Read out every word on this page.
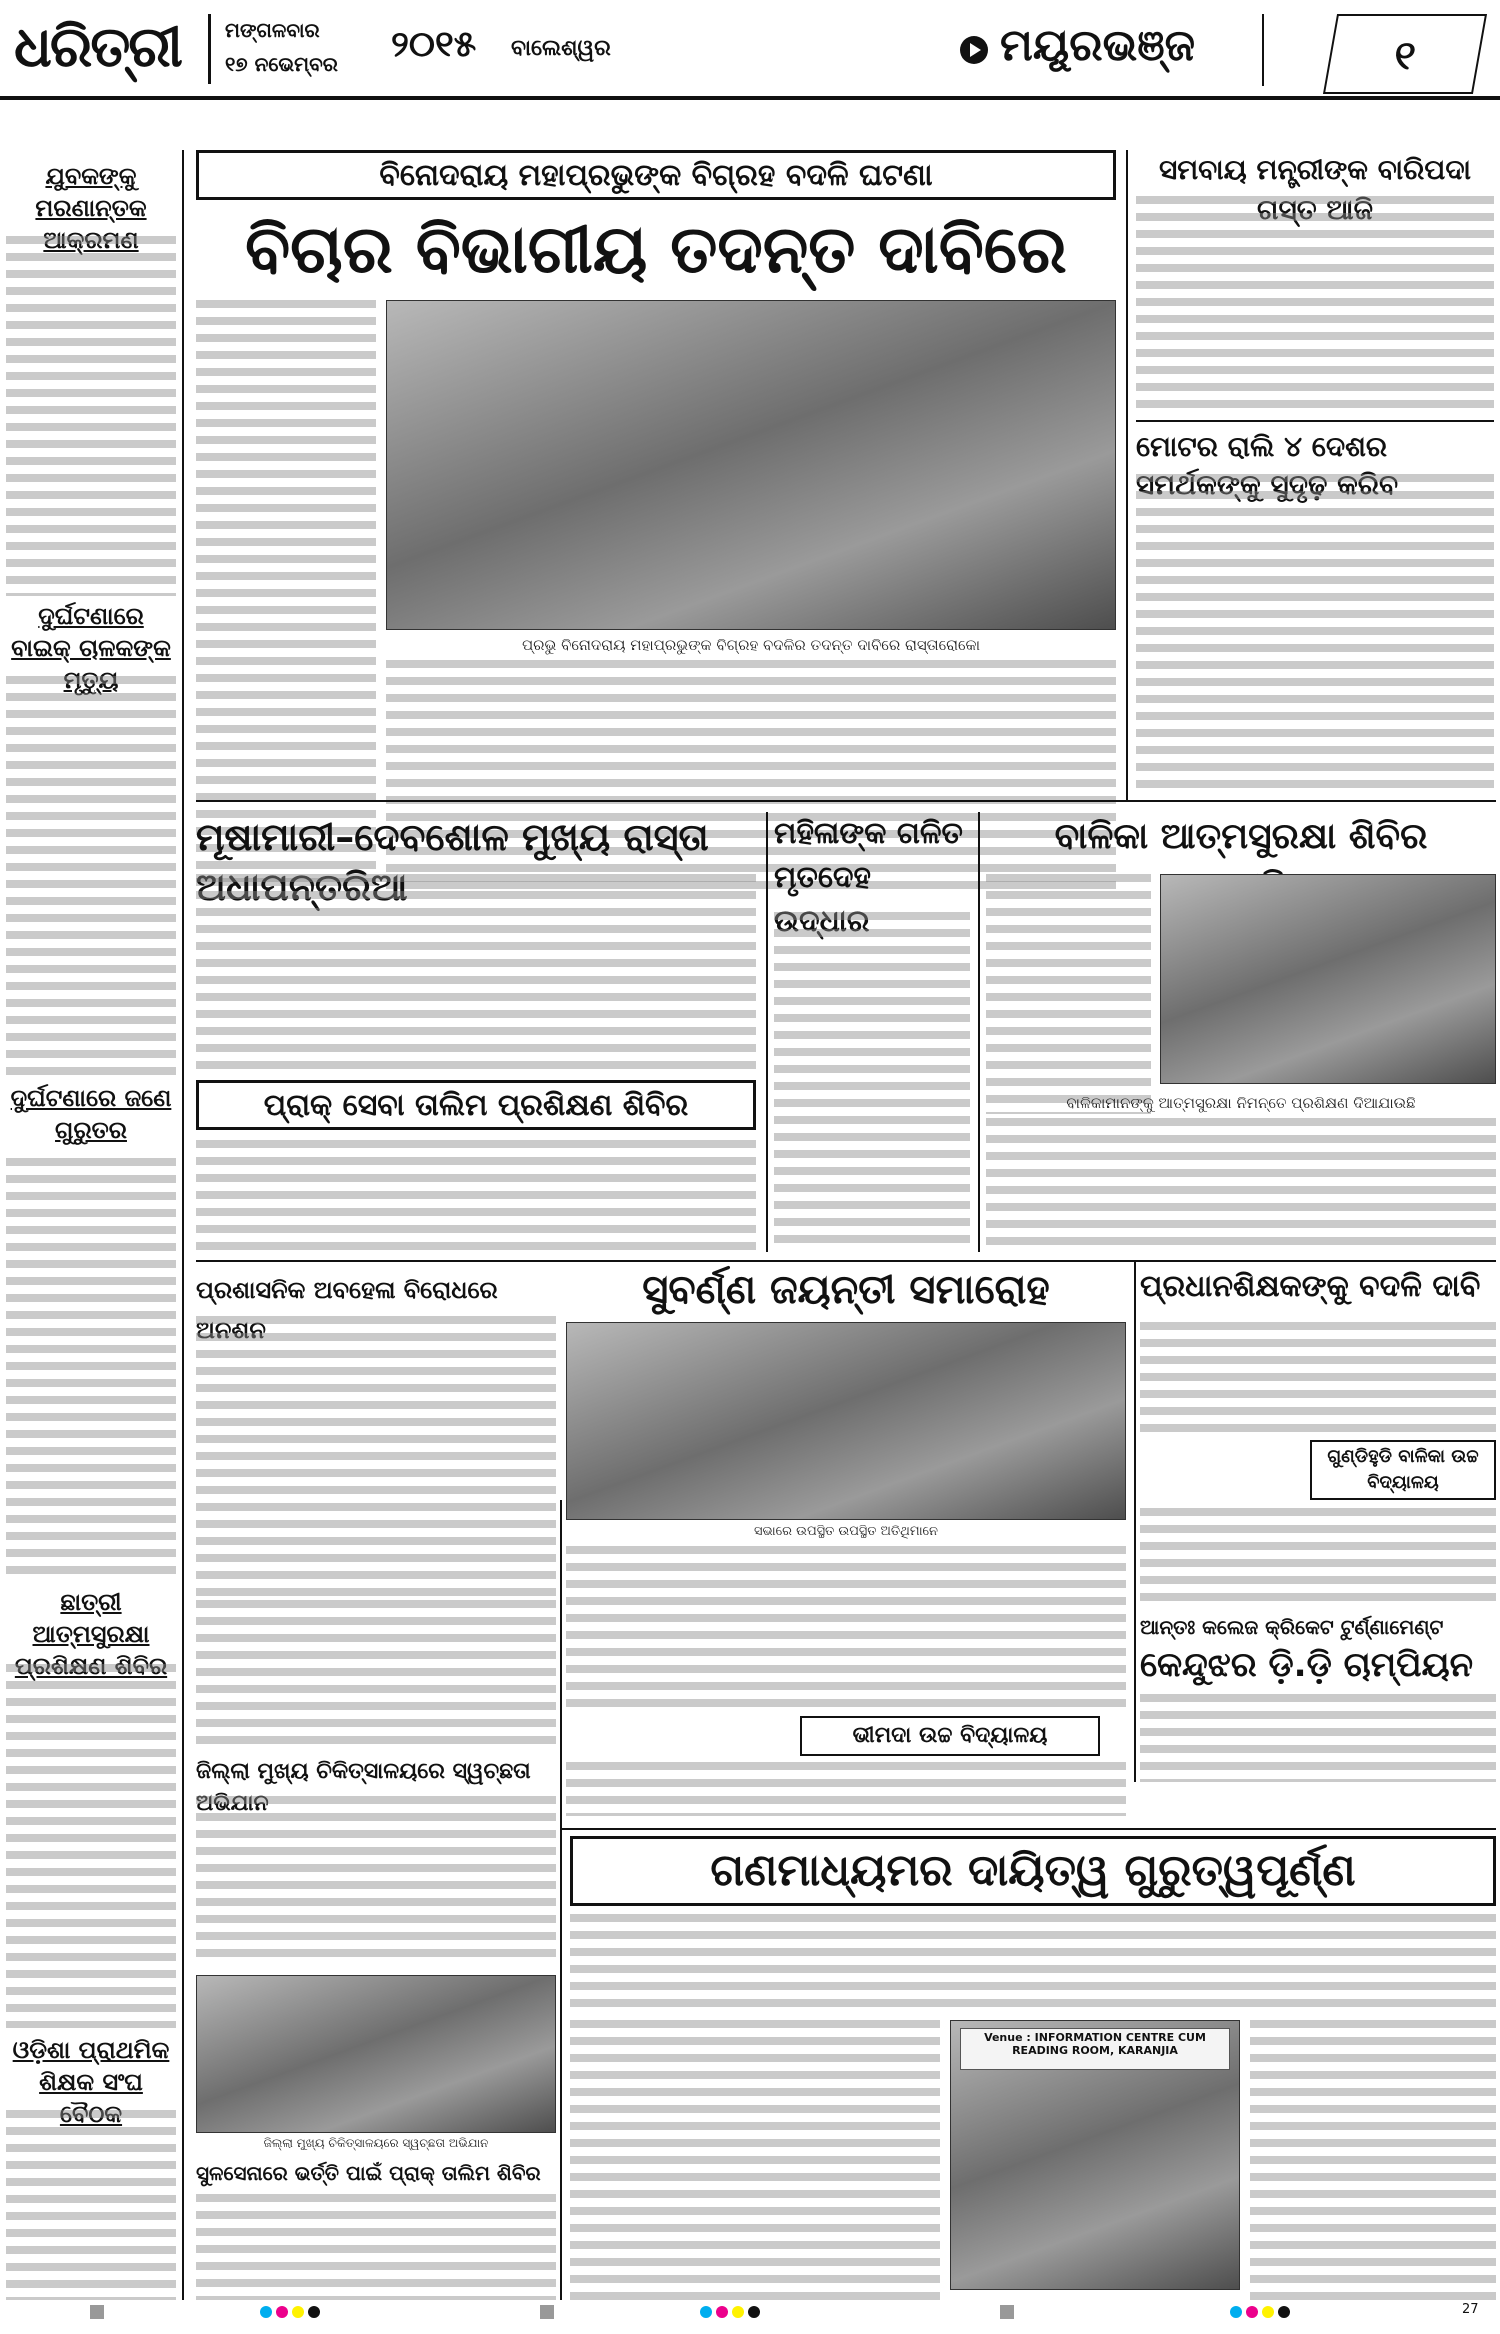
ଧରିତ୍ରୀ ମଙ୍ଗଳବାର
୧୭ ନଭେମ୍ବର ୨୦୧୫ ବାଲେଶ୍ୱର	ମୟୂରଭଞ୍ଜ	୧
ଯୁବକଙ୍କୁ ମରଣାନ୍ତକ ଆକ୍ରମଣ
ଦୁର୍ଘଟଣାରେ ବାଇକ୍ ଚାଳକଙ୍କ ମୃତ୍ୟୁ
ଦୁର୍ଘଟଣାରେ ଜଣେ ଗୁରୁତର
ଛାତ୍ରୀ ଆତ୍ମସୁରକ୍ଷା ପ୍ରଶିକ୍ଷଣ ଶିବିର
ଓଡ଼ିଶା ପ୍ରାଥମିକ ଶିକ୍ଷକ ସଂଘ ବୈଠକ
ବିନୋଦରାୟ ମହାପ୍ରଭୁଙ୍କ ବିଗ୍ରହ ବଦଳି ଘଟଣା
ବିଚାର ବିଭାଗୀୟ ତଦନ୍ତ ଦାବିରେ
ପ୍ରଭୁ ବିନୋଦରାୟ ମହାପ୍ରଭୁଙ୍କ ବିଗ୍ରହ ବଦଳିର ତଦନ୍ତ ଦାବିରେ ରାସ୍ତାରୋକୋ
ସମବାୟ ମନ୍ତ୍ରୀଙ୍କ ବାରିପଦା ଗସ୍ତ ଆଜି
ମୋଟର ରାଲି ୪ ଦେଶର ସମର୍ଥକଙ୍କୁ ସୁଦୃଢ଼ କରିବ
ମୂଷାମାରୀ–ଦେବଶୋଳ ମୁଖ୍ୟ ରାସ୍ତା ଅଧାପନ୍ତରିଆ
ମହିଳାଙ୍କ ଗଳିତ ମୃତଦେହ ଉଦ୍ଧାର
ପ୍ରାକ୍ ସେବା ତାଲିମ ପ୍ରଶିକ୍ଷଣ ଶିବିର
ବାଳିକା ଆତ୍ମସୁରକ୍ଷା ଶିବିର
ବାଳିକାମାନଙ୍କୁ ଆତ୍ମସୁରକ୍ଷା ନିମନ୍ତେ ପ୍ରଶିକ୍ଷଣ ଦିଆଯାଉଛି
ପ୍ରଶାସନିକ ଅବହେଳା ବିରୋଧରେ ଅନଶନ
ସୁବର୍ଣ୍ଣ ଜୟନ୍ତୀ ସମାରୋହ
ସଭାରେ ଉପସ୍ଥିତ ଉପସ୍ଥିତ ଅତିଥିମାନେ
ପ୍ରଧାନଶିକ୍ଷକଙ୍କୁ ବଦଳି ଦାବି
ଗୁଣ୍ଡିହୁଡି ବାଳିକା ଉଚ୍ଚ ବିଦ୍ୟାଳୟ
ଆନ୍ତଃ କଲେଜ କ୍ରିକେଟ ଟୁର୍ଣ୍ଣାମେଣ୍ଟ
କେନ୍ଦୁଝର ଡ଼ି.ଡ଼ି ଚାମ୍ପିୟନ
ଜିଲ୍ଲା ମୁଖ୍ୟ ଚିକିତ୍ସାଳୟରେ ସ୍ୱଚ୍ଛତା ଅଭିଯାନ
ଭୀମଦା ଉଚ୍ଚ ବିଦ୍ୟାଳୟ
ଗଣମାଧ୍ୟମର ଦାୟିତ୍ୱ ଗୁରୁତ୍ୱପୂର୍ଣ୍ଣ
Venue : INFORMATION CENTRE CUM READING ROOM, KARANJIA
ଜିଲ୍ଲା ମୁଖ୍ୟ ଚିକିତ୍ସାଳୟରେ ସ୍ୱଚ୍ଛତା ଅଭିଯାନ
ସୁଳସେନାରେ ଭର୍ତ୍ତି ପାଇଁ ପ୍ରାକ୍ ତାଲିମ ଶିବିର
27
